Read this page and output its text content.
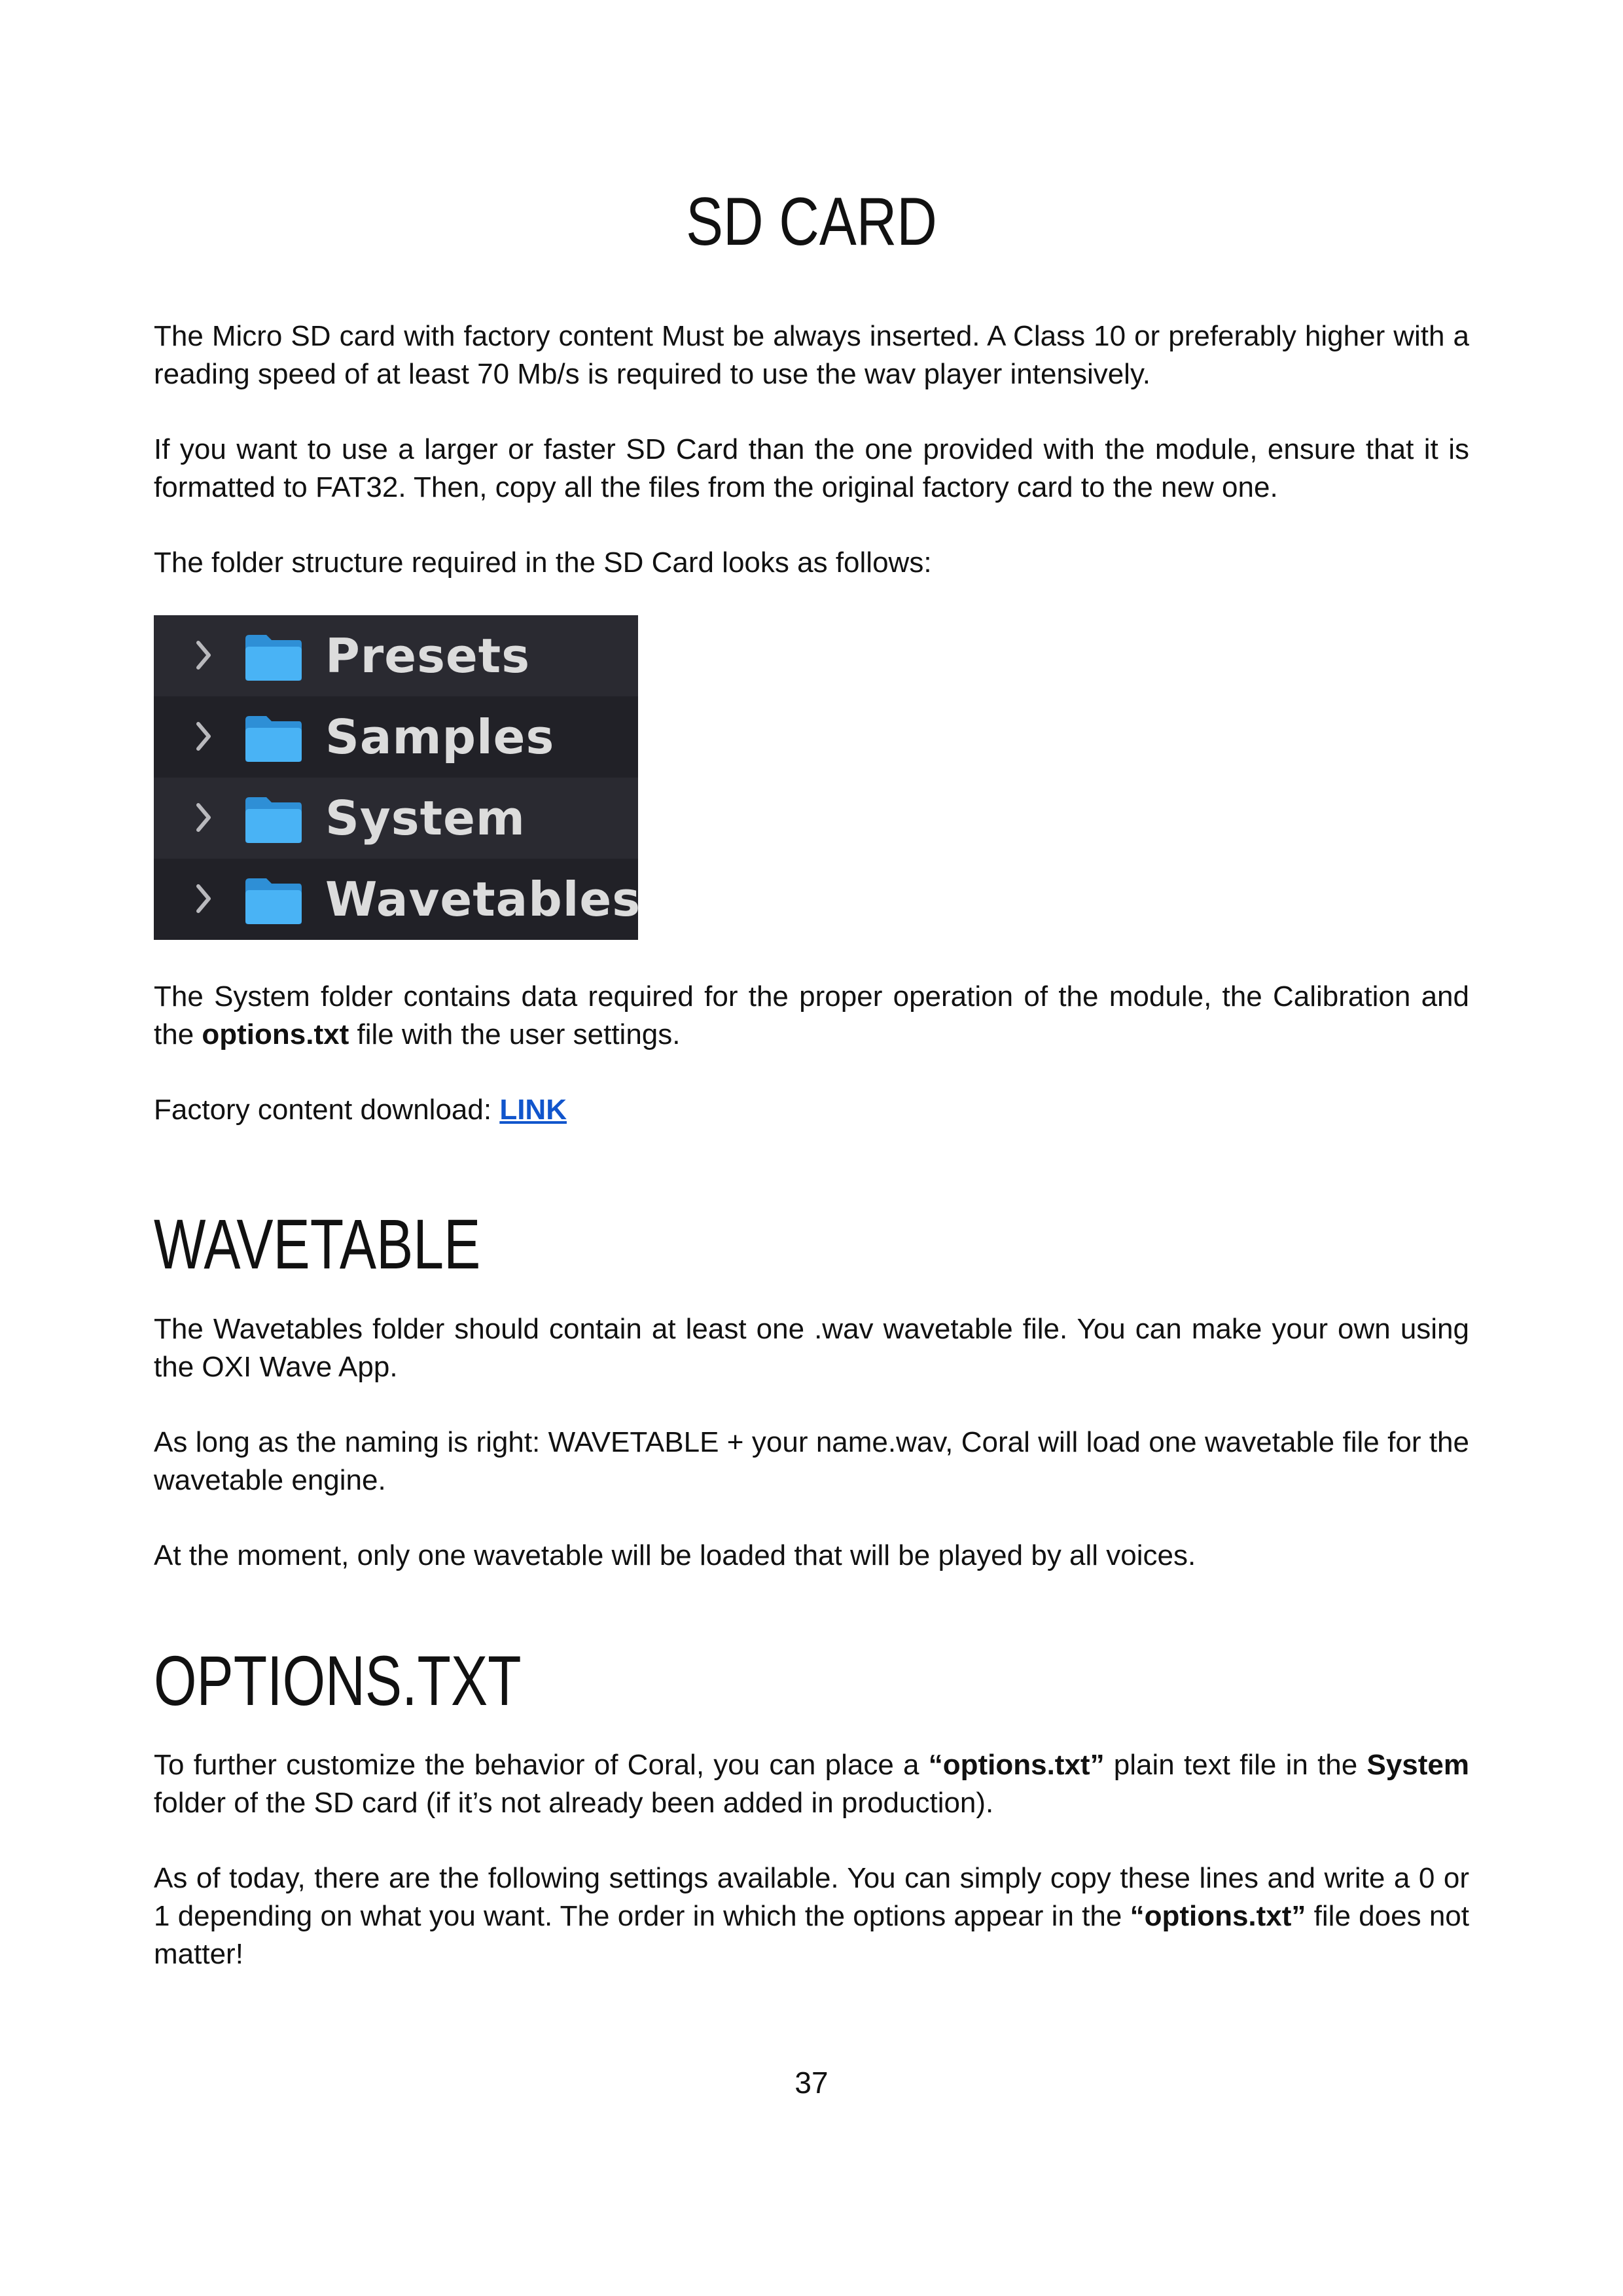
SD CARD

The Micro SD card with factory content Must be always inserted. A Class 10 or preferably higher with a reading speed of at least 70 Mb/s is required to use the wav player intensively.

If you want to use a larger or faster SD Card than the one provided with the module, ensure that it is formatted to FAT32. Then, copy all the files from the original factory card to the new one.

The folder structure required in the SD Card looks as follows:

Presets
Samples
System
Wavetables

The System folder contains data required for the proper operation of the module, the Calibration and the options.txt file with the user settings.

Factory content download: LINK

WAVETABLE

The Wavetables folder should contain at least one .wav wavetable file. You can make your own using the OXI Wave App.

As long as the naming is right: WAVETABLE + your name.wav, Coral will load one wavetable file for the wavetable engine.

At the moment, only one wavetable will be loaded that will be played by all voices.

OPTIONS.TXT

To further customize the behavior of Coral, you can place a “options.txt” plain text file in the System folder of the SD card (if it’s not already been added in production).

As of today, there are the following settings available. You can simply copy these lines and write a 0 or 1 depending on what you want. The order in which the options appear in the “options.txt” file does not matter!

37
